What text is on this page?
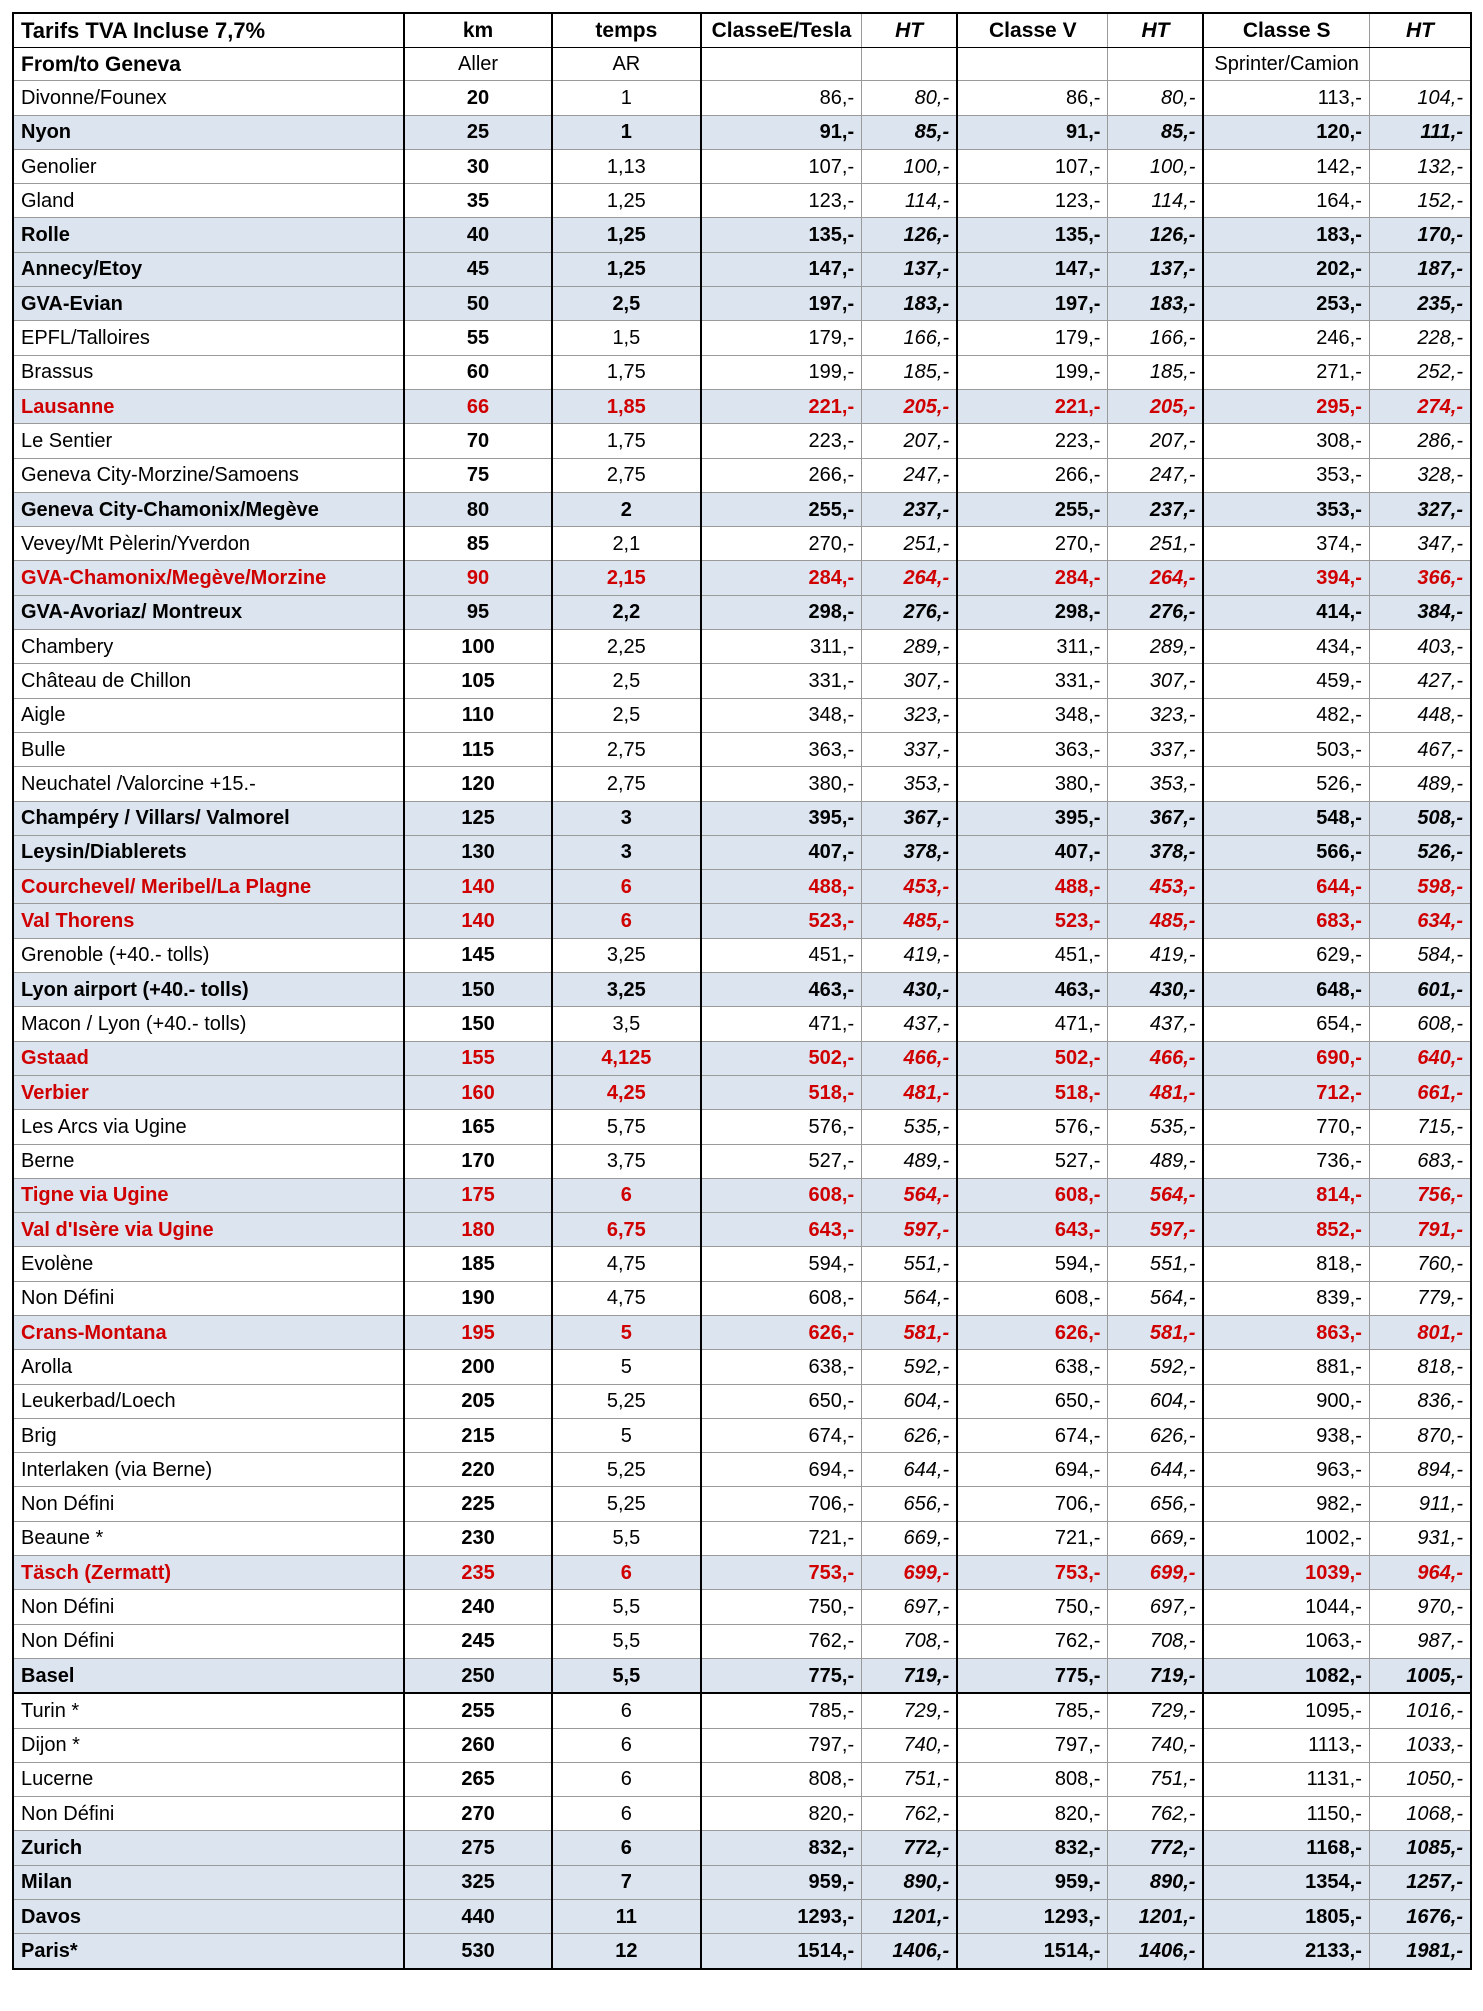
Tarifs TVA Incluse 7,7%	km	temps	ClasseE/Tesla	HT	Classe V	HT	Classe S	HT
From/to Geneva	Aller	AR					Sprinter/Camion	
Divonne/Founex	20	1	86,-	80,-	86,-	80,-	113,-	104,-
Nyon	25	1	91,-	85,-	91,-	85,-	120,-	111,-
Genolier	30	1,13	107,-	100,-	107,-	100,-	142,-	132,-
Gland	35	1,25	123,-	114,-	123,-	114,-	164,-	152,-
Rolle	40	1,25	135,-	126,-	135,-	126,-	183,-	170,-
Annecy/Etoy	45	1,25	147,-	137,-	147,-	137,-	202,-	187,-
GVA-Evian	50	2,5	197,-	183,-	197,-	183,-	253,-	235,-
EPFL/Talloires	55	1,5	179,-	166,-	179,-	166,-	246,-	228,-
Brassus	60	1,75	199,-	185,-	199,-	185,-	271,-	252,-
Lausanne	66	1,85	221,-	205,-	221,-	205,-	295,-	274,-
Le Sentier	70	1,75	223,-	207,-	223,-	207,-	308,-	286,-
Geneva City-Morzine/Samoens	75	2,75	266,-	247,-	266,-	247,-	353,-	328,-
Geneva City-Chamonix/Megève	80	2	255,-	237,-	255,-	237,-	353,-	327,-
Vevey/Mt Pèlerin/Yverdon	85	2,1	270,-	251,-	270,-	251,-	374,-	347,-
GVA-Chamonix/Megève/Morzine	90	2,15	284,-	264,-	284,-	264,-	394,-	366,-
GVA-Avoriaz/ Montreux	95	2,2	298,-	276,-	298,-	276,-	414,-	384,-
Chambery	100	2,25	311,-	289,-	311,-	289,-	434,-	403,-
Château de Chillon	105	2,5	331,-	307,-	331,-	307,-	459,-	427,-
Aigle	110	2,5	348,-	323,-	348,-	323,-	482,-	448,-
Bulle	115	2,75	363,-	337,-	363,-	337,-	503,-	467,-
Neuchatel /Valorcine +15.-	120	2,75	380,-	353,-	380,-	353,-	526,-	489,-
Champéry / Villars/ Valmorel	125	3	395,-	367,-	395,-	367,-	548,-	508,-
Leysin/Diablerets	130	3	407,-	378,-	407,-	378,-	566,-	526,-
Courchevel/ Meribel/La Plagne	140	6	488,-	453,-	488,-	453,-	644,-	598,-
Val Thorens	140	6	523,-	485,-	523,-	485,-	683,-	634,-
Grenoble (+40.- tolls)	145	3,25	451,-	419,-	451,-	419,-	629,-	584,-
Lyon airport (+40.- tolls)	150	3,25	463,-	430,-	463,-	430,-	648,-	601,-
Macon / Lyon (+40.- tolls)	150	3,5	471,-	437,-	471,-	437,-	654,-	608,-
Gstaad	155	4,125	502,-	466,-	502,-	466,-	690,-	640,-
Verbier	160	4,25	518,-	481,-	518,-	481,-	712,-	661,-
Les Arcs via Ugine	165	5,75	576,-	535,-	576,-	535,-	770,-	715,-
Berne	170	3,75	527,-	489,-	527,-	489,-	736,-	683,-
Tigne via Ugine	175	6	608,-	564,-	608,-	564,-	814,-	756,-
Val d'Isère via Ugine	180	6,75	643,-	597,-	643,-	597,-	852,-	791,-
Evolène	185	4,75	594,-	551,-	594,-	551,-	818,-	760,-
Non Défini	190	4,75	608,-	564,-	608,-	564,-	839,-	779,-
Crans-Montana	195	5	626,-	581,-	626,-	581,-	863,-	801,-
Arolla	200	5	638,-	592,-	638,-	592,-	881,-	818,-
Leukerbad/Loech	205	5,25	650,-	604,-	650,-	604,-	900,-	836,-
Brig	215	5	674,-	626,-	674,-	626,-	938,-	870,-
Interlaken (via Berne)	220	5,25	694,-	644,-	694,-	644,-	963,-	894,-
Non Défini	225	5,25	706,-	656,-	706,-	656,-	982,-	911,-
Beaune *	230	5,5	721,-	669,-	721,-	669,-	1002,-	931,-
Täsch (Zermatt)	235	6	753,-	699,-	753,-	699,-	1039,-	964,-
Non Défini	240	5,5	750,-	697,-	750,-	697,-	1044,-	970,-
Non Défini	245	5,5	762,-	708,-	762,-	708,-	1063,-	987,-
Basel	250	5,5	775,-	719,-	775,-	719,-	1082,-	1005,-
Turin *	255	6	785,-	729,-	785,-	729,-	1095,-	1016,-
Dijon *	260	6	797,-	740,-	797,-	740,-	1113,-	1033,-
Lucerne	265	6	808,-	751,-	808,-	751,-	1131,-	1050,-
Non Défini	270	6	820,-	762,-	820,-	762,-	1150,-	1068,-
Zurich	275	6	832,-	772,-	832,-	772,-	1168,-	1085,-
Milan	325	7	959,-	890,-	959,-	890,-	1354,-	1257,-
Davos	440	11	1293,-	1201,-	1293,-	1201,-	1805,-	1676,-
Paris*	530	12	1514,-	1406,-	1514,-	1406,-	2133,-	1981,-
